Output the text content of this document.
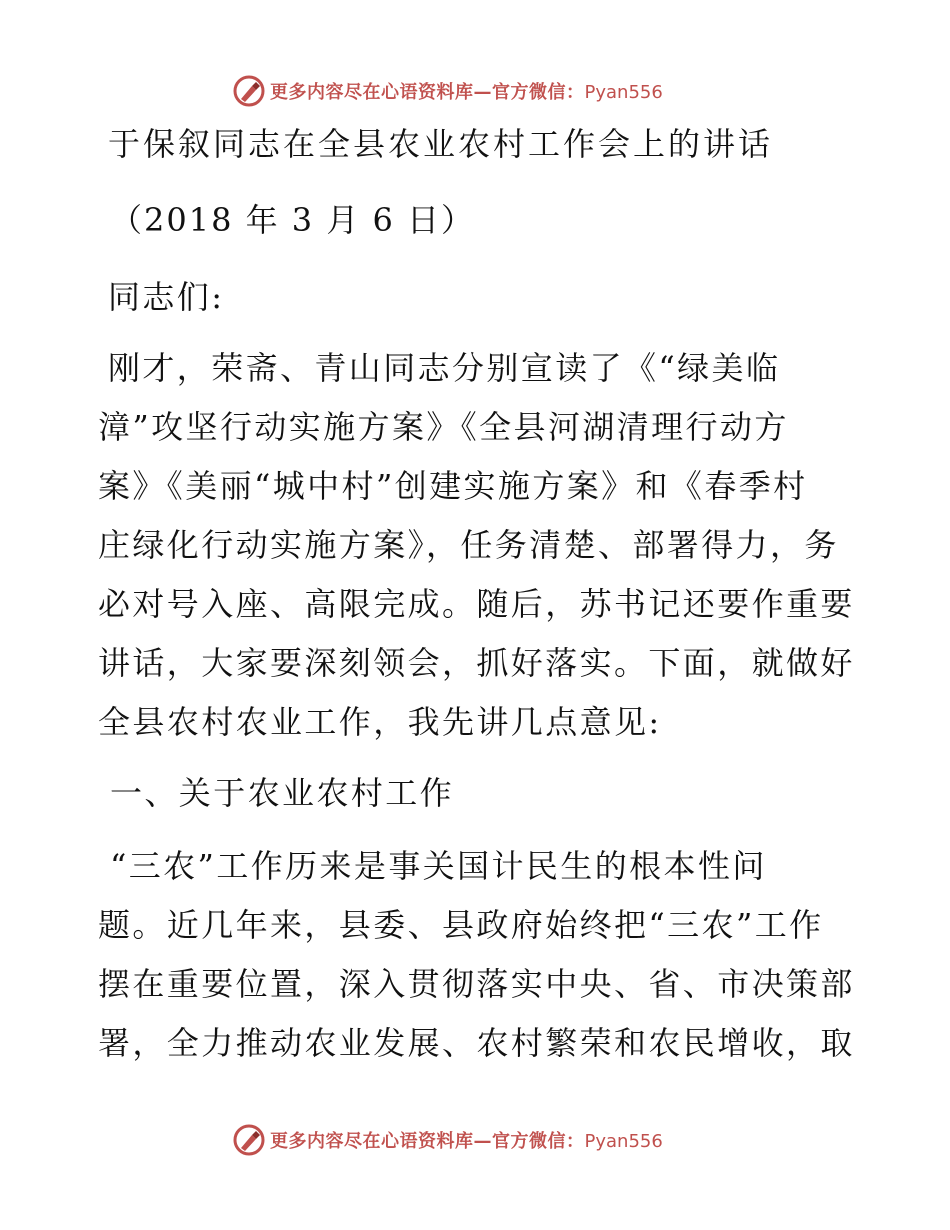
更多内容尽在心语资料库—官方微信：Pyan556
于保叙同志在全县农业农村工作会上的讲话
（2018 年 3 月 6 日）
同志们:
刚才，荣斋、青山同志分别宣读了《“绿美临
漳”攻坚行动实施方案》《全县河湖清理行动方
案》《美丽“城中村”创建实施方案》和《春季村
庄绿化行动实施方案》，任务清楚、部署得力，务
必对号入座、高限完成。随后，苏书记还要作重要
讲话，大家要深刻领会，抓好落实。下面，就做好
全县农村农业工作，我先讲几点意见:
一、关于农业农村工作
“三农”工作历来是事关国计民生的根本性问
题。近几年来，县委、县政府始终把“三农”工作
摆在重要位置，深入贯彻落实中央、省、市决策部
署，全力推动农业发展、农村繁荣和农民增收，取
更多内容尽在心语资料库—官方微信：Pyan556
